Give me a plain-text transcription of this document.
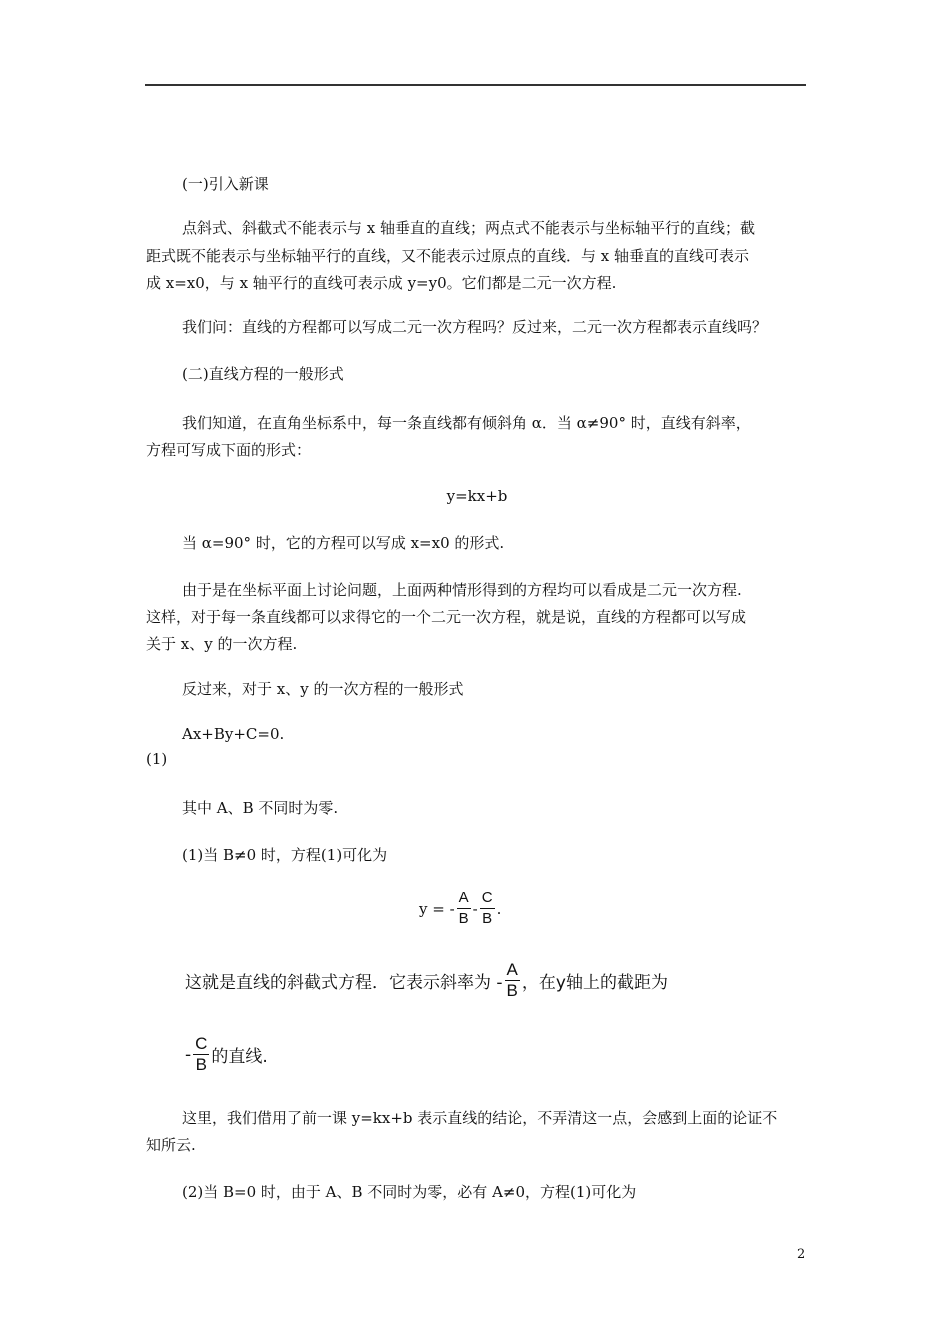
(一)引入新课

点斜式、斜截式不能表示与 x 轴垂直的直线；两点式不能表示与坐标轴平行的直线；截

距式既不能表示与坐标轴平行的直线，又不能表示过原点的直线．与 x 轴垂直的直线可表示

成 x=x0，与 x 轴平行的直线可表示成 y=y0。它们都是二元一次方程.

我们问：直线的方程都可以写成二元一次方程吗？反过来，二元一次方程都表示直线吗？

(二)直线方程的一般形式

我们知道，在直角坐标系中，每一条直线都有倾斜角 α．当 α≠90° 时，直线有斜率，

方程可写成下面的形式：

y=kx+b

当 α=90° 时，它的方程可以写成 x=x0 的形式.

由于是在坐标平面上讨论问题，上面两种情形得到的方程均可以看成是二元一次方程.

这样，对于每一条直线都可以求得它的一个二元一次方程，就是说，直线的方程都可以写成

关于 x、y 的一次方程.

反过来，对于 x、y 的一次方程的一般形式

Ax+By+C=0.

(1)

其中 A、B 不同时为零.

(1)当 B≠0 时，方程(1)可化为

y = - $\frac{A}{B} - \frac{C}{B}$ .
这就是直线的斜截式方程．它表示斜率为 - $\frac{A}{B}$ ，在y轴上的截距为
- $\frac{C}{B}$ 的直线.

这里，我们借用了前一课 y=kx+b 表示直线的结论，不弄清这一点，会感到上面的论证不

知所云.

(2)当 B=0 时，由于 A、B 不同时为零，必有 A≠0，方程(1)可化为

2
